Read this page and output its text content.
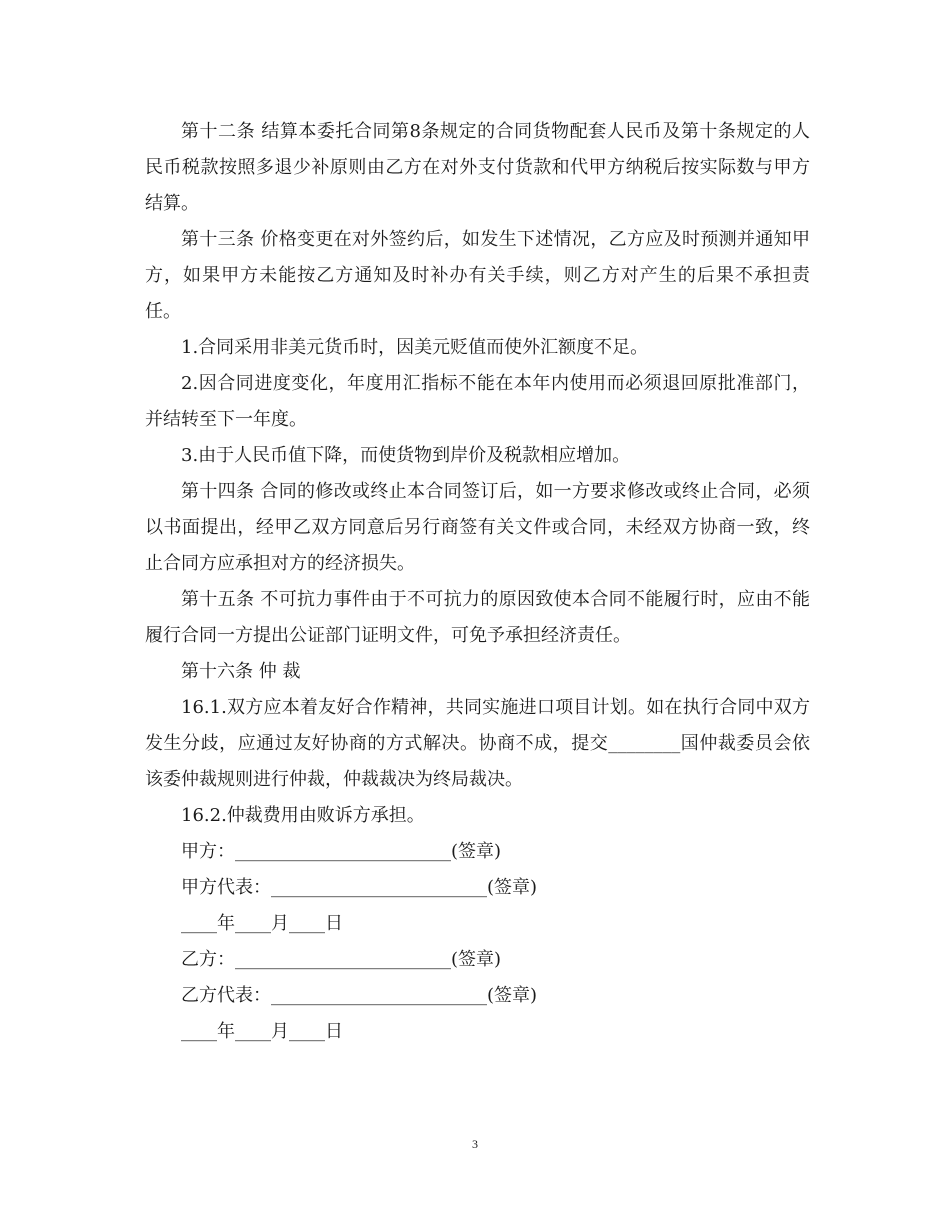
第十二条 结算本委托合同第8条规定的合同货物配套人民币及第十条规定的人民币税款按照多退少补原则由乙方在对外支付货款和代甲方纳税后按实际数与甲方结算。

第十三条 价格变更在对外签约后，如发生下述情况，乙方应及时预测并通知甲方，如果甲方未能按乙方通知及时补办有关手续，则乙方对产生的后果不承担责任。

1.合同采用非美元货币时，因美元贬值而使外汇额度不足。

2.因合同进度变化，年度用汇指标不能在本年内使用而必须退回原批准部门，并结转至下一年度。

3.由于人民币值下降，而使货物到岸价及税款相应增加。

第十四条 合同的修改或终止本合同签订后，如一方要求修改或终止合同，必须以书面提出，经甲乙双方同意后另行商签有关文件或合同，未经双方协商一致，终止合同方应承担对方的经济损失。

第十五条 不可抗力事件由于不可抗力的原因致使本合同不能履行时，应由不能履行合同一方提出公证部门证明文件，可免予承担经济责任。

第十六条 仲 裁

16.1.双方应本着友好合作精神，共同实施进口项目计划。如在执行合同中双方发生分歧，应通过友好协商的方式解决。协商不成，提交________国仲裁委员会依该委仲裁规则进行仲裁，仲裁裁决为终局裁决。

16.2.仲裁费用由败诉方承担。

甲方：________________________(签章)

甲方代表：________________________(签章)

____年____月____日

乙方：________________________(签章)

乙方代表：________________________(签章)

____年____月____日

3
